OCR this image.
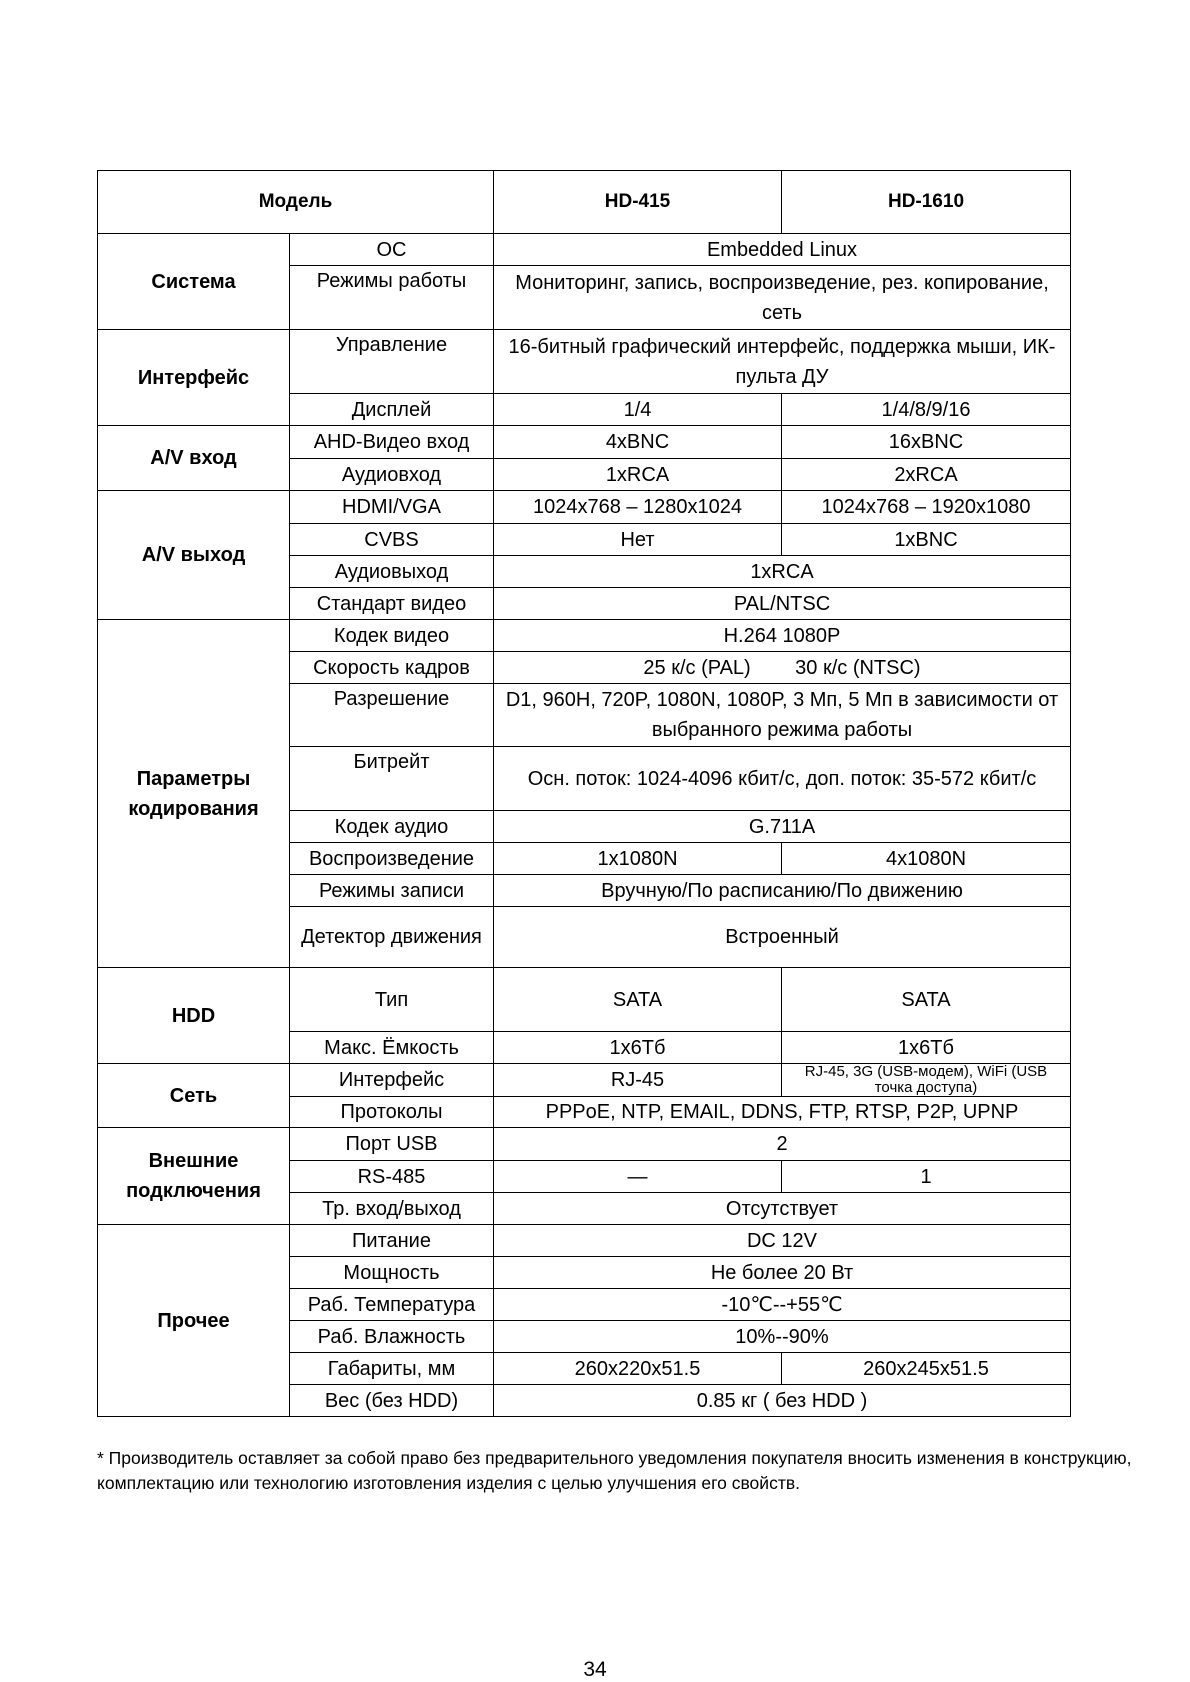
Модель		HD-415	HD-1610
Система	ОС	Embedded Linux	
	Режимы работы	Мониторинг, запись, воспроизведение, рез. копирование, сеть	
Интерфейс	Управление	16-битный графический интерфейс, поддержка мыши, ИК-пульта ДУ	
	Дисплей	1/4	1/4/8/9/16
A/V вход	AHD-Видео вход	4xBNC	16xBNC
	Аудиовход	1xRCA	2xRCA
A/V выход	HDMI/VGA	1024x768 – 1280x1024	1024x768 – 1920x1080
	CVBS	Нет	1xBNC
	Аудиовыход	1xRCA	
	Стандарт видео	PAL/NTSC	
Параметры кодирования	Кодек видео	H.264 1080P	
	Скорость кадров	25 к/с (PAL)        30 к/с (NTSC)	
	Разрешение	D1, 960H, 720P, 1080N, 1080P, 3 Мп, 5 Мп в зависимости от выбранного режима работы	
	Битрейт	Осн. поток: 1024-4096 кбит/с, доп. поток: 35-572 кбит/с	
	Кодек аудио	G.711A	
	Воспроизведение	1x1080N	4x1080N
	Режимы записи	Вручную/По расписанию/По движению	
	Детектор движения	Встроенный	
HDD	Тип	SATA	SATA
	Макс. Ёмкость	1x6Тб	1x6Тб
Сеть	Интерфейс	RJ-45	RJ-45, 3G (USB-модем), WiFi (USB точка доступа)
	Протоколы	PPPoE, NTP, EMAIL, DDNS, FTP, RTSP, P2P, UPNP	
Внешние подключения	Порт USB	2	
	RS-485	—	1
	Тр. вход/выход	Отсутствует	
Прочее	Питание	DC 12V	
	Мощность	Не более 20 Вт	
	Раб. Температура	-10℃--+55℃	
	Раб. Влажность	10%--90%	
	Габариты, мм	260x220x51.5	260x245x51.5
	Вес (без HDD)	0.85 кг ( без HDD )	
* Производитель оставляет за собой право без предварительного уведомления покупателя вносить изменения в конструкцию, комплектацию или технологию изготовления изделия с целью улучшения его свойств.
34
